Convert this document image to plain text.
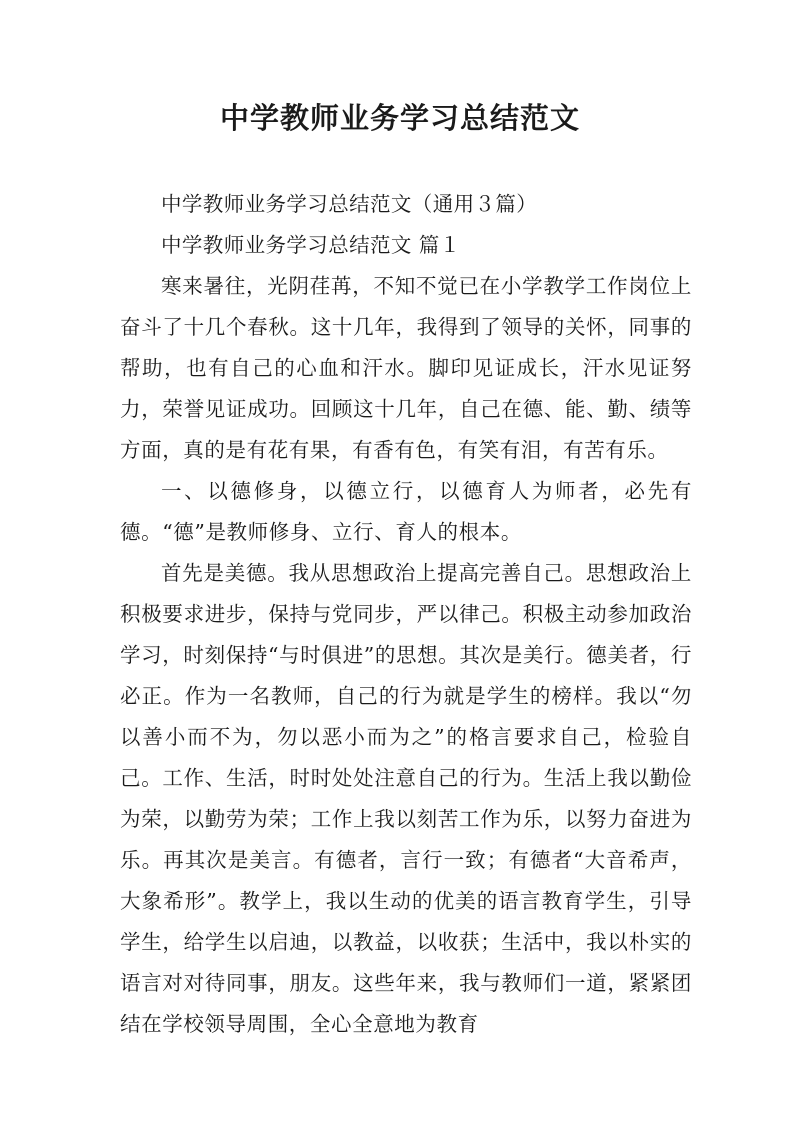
中学教师业务学习总结范文

中学教师业务学习总结范文（通用３篇）

中学教师业务学习总结范文 篇１

寒来暑往，光阴荏苒，不知不觉已在小学教学工作岗位上奋斗了十几个春秋。这十几年，我得到了领导的关怀，同事的帮助，也有自己的心血和汗水。脚印见证成长，汗水见证努力，荣誉见证成功。回顾这十几年，自己在德、能、勤、绩等方面，真的是有花有果，有香有色，有笑有泪，有苦有乐。

一、以德修身，以德立行，以德育人为师者，必先有德。“德”是教师修身、立行、育人的根本。

首先是美德。我从思想政治上提高完善自己。思想政治上积极要求进步，保持与党同步，严以律己。积极主动参加政治学习，时刻保持“与时俱进”的思想。其次是美行。德美者，行必正。作为一名教师，自己的行为就是学生的榜样。我以“勿以善小而不为，勿以恶小而为之”的格言要求自己，检验自己。工作、生活，时时处处注意自己的行为。生活上我以勤俭为荣，以勤劳为荣；工作上我以刻苦工作为乐，以努力奋进为乐。再其次是美言。有德者，言行一致；有德者“大音希声，大象希形”。教学上，我以生动的优美的语言教育学生，引导学生，给学生以启迪，以教益，以收获；生活中，我以朴实的语言对对待同事，朋友。这些年来，我与教师们一道，紧紧团结在学校领导周围，全心全意地为教育
